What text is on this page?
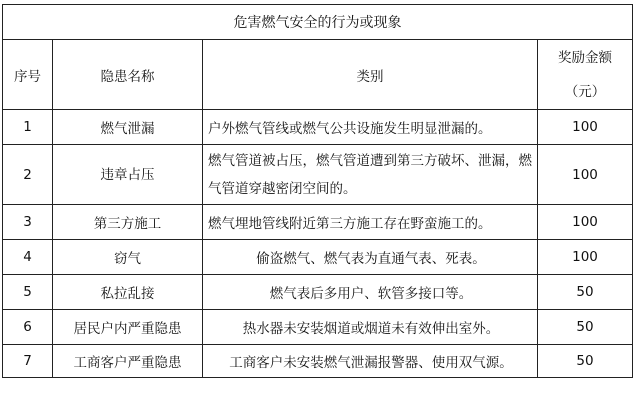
危害燃气安全的行为或现象			
序号	隐患名称	类别	奖励金额
（元）

1	燃气泄漏	户外燃气管线或燃气公共设施发生明显泄漏的。	100
2	违章占压	燃气管道被占压，燃气管道遭到第三方破坏、泄漏，燃气管道穿越密闭空间的。	100
3	第三方施工	燃气埋地管线附近第三方施工存在野蛮施工的。	100
4	窃气	偷盗燃气、燃气表为直通气表、死表。	100
5	私拉乱接	燃气表后多用户、软管多接口等。	50
6	居民户内严重隐患	热水器未安装烟道或烟道未有效伸出室外。	50
7	工商客户严重隐患	工商客户未安装燃气泄漏报警器、使用双气源。	50
